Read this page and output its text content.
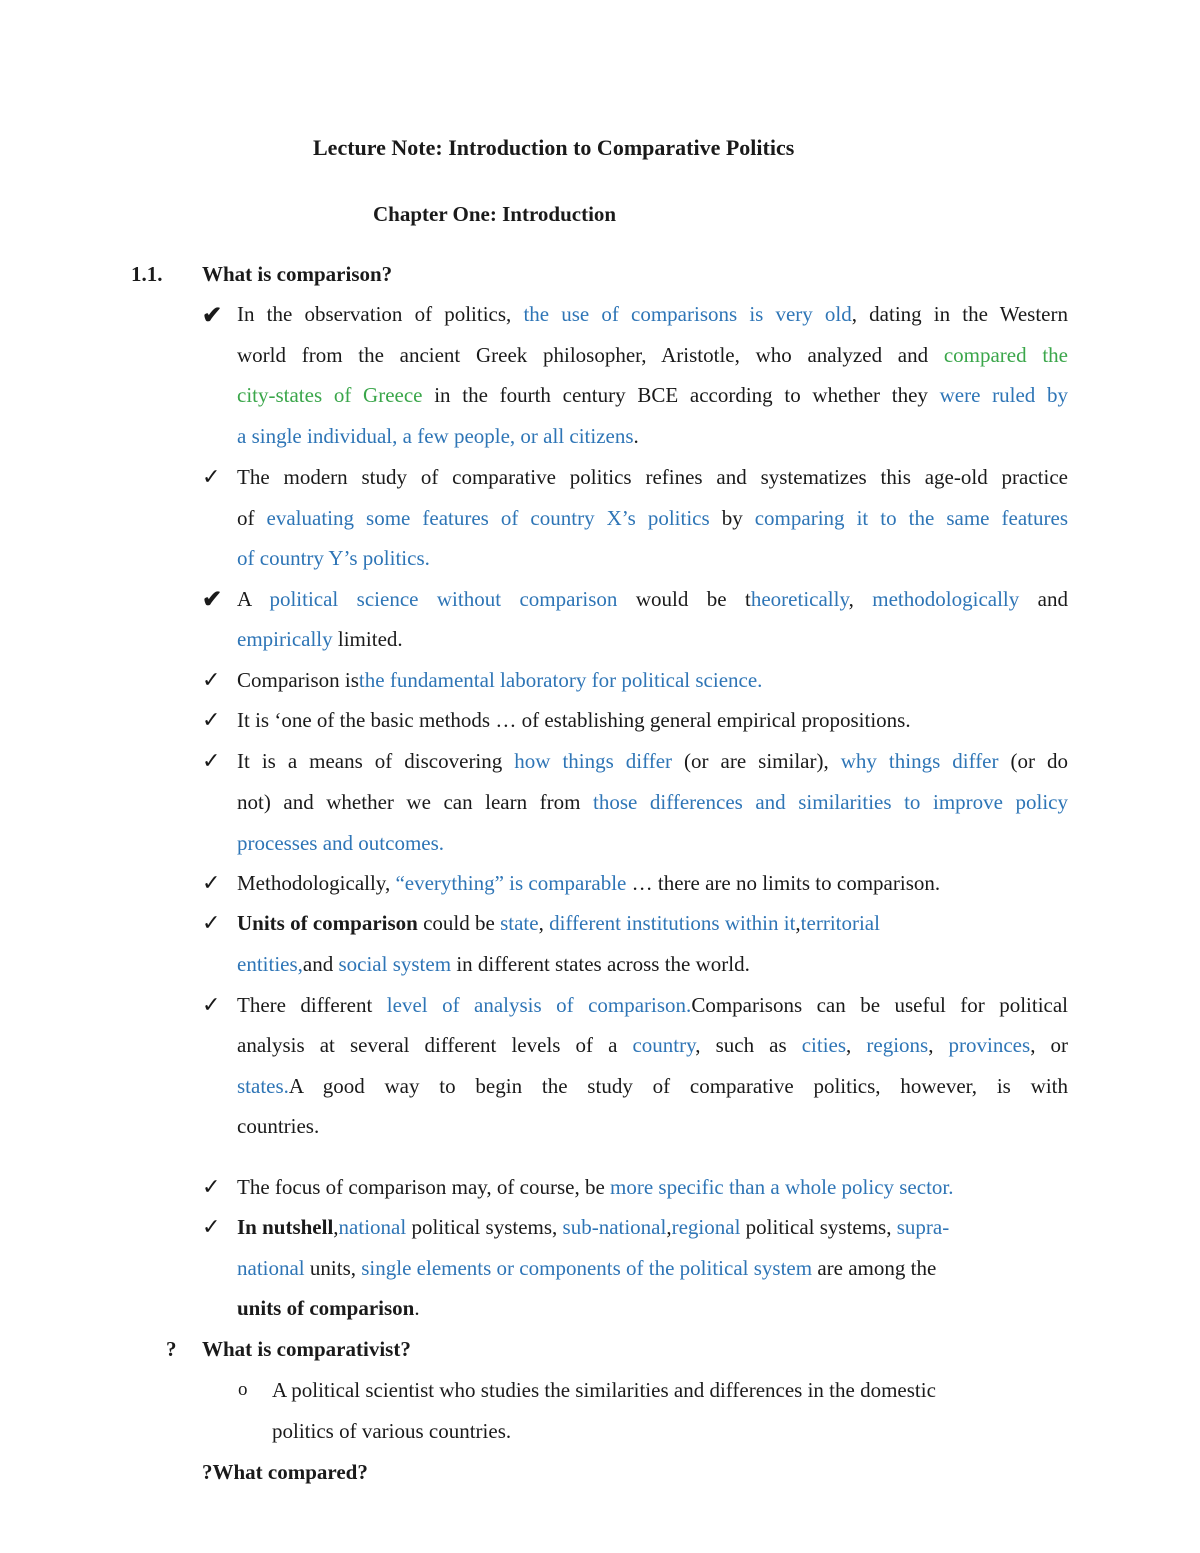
Lecture Note: Introduction to Comparative Politics
Chapter One: Introduction
1.1. What is comparison?
✔ In the observation of politics, the use of comparisons is very old, dating in the Western
world from the ancient Greek philosopher, Aristotle, who analyzed and compared the
city-states of Greece in the fourth century BCE according to whether they were ruled by
a single individual, a few people, or all citizens.
✓ The modern study of comparative politics refines and systematizes this age-old practice
of evaluating some features of country X’s politics by comparing it to the same features
of country Y’s politics.
✔ A political science without comparison would be theoretically, methodologically and
empirically limited.
✓ Comparison isthe fundamental laboratory for political science.
✓ It is ‘one of the basic methods … of establishing general empirical propositions.
✓ It is a means of discovering how things differ (or are similar), why things differ (or do
not) and whether we can learn from those differences and similarities to improve policy
processes and outcomes.
✓ Methodologically, “everything” is comparable … there are no limits to comparison.
✓ Units of comparison could be state, different institutions within it,territorial
entities,and social system in different states across the world.
✓ There different level of analysis of comparison.Comparisons can be useful for political
analysis at several different levels of a country, such as cities, regions, provinces, or
states.A good way to begin the study of comparative politics, however, is with
countries.
✓ The focus of comparison may, of course, be more specific than a whole policy sector.
✓ In nutshell,national political systems, sub-national,regional political systems, supra-
national units, single elements or components of the political system are among the
units of comparison.
? What is comparativist?
o A political scientist who studies the similarities and differences in the domestic
politics of various countries.
?What compared?
